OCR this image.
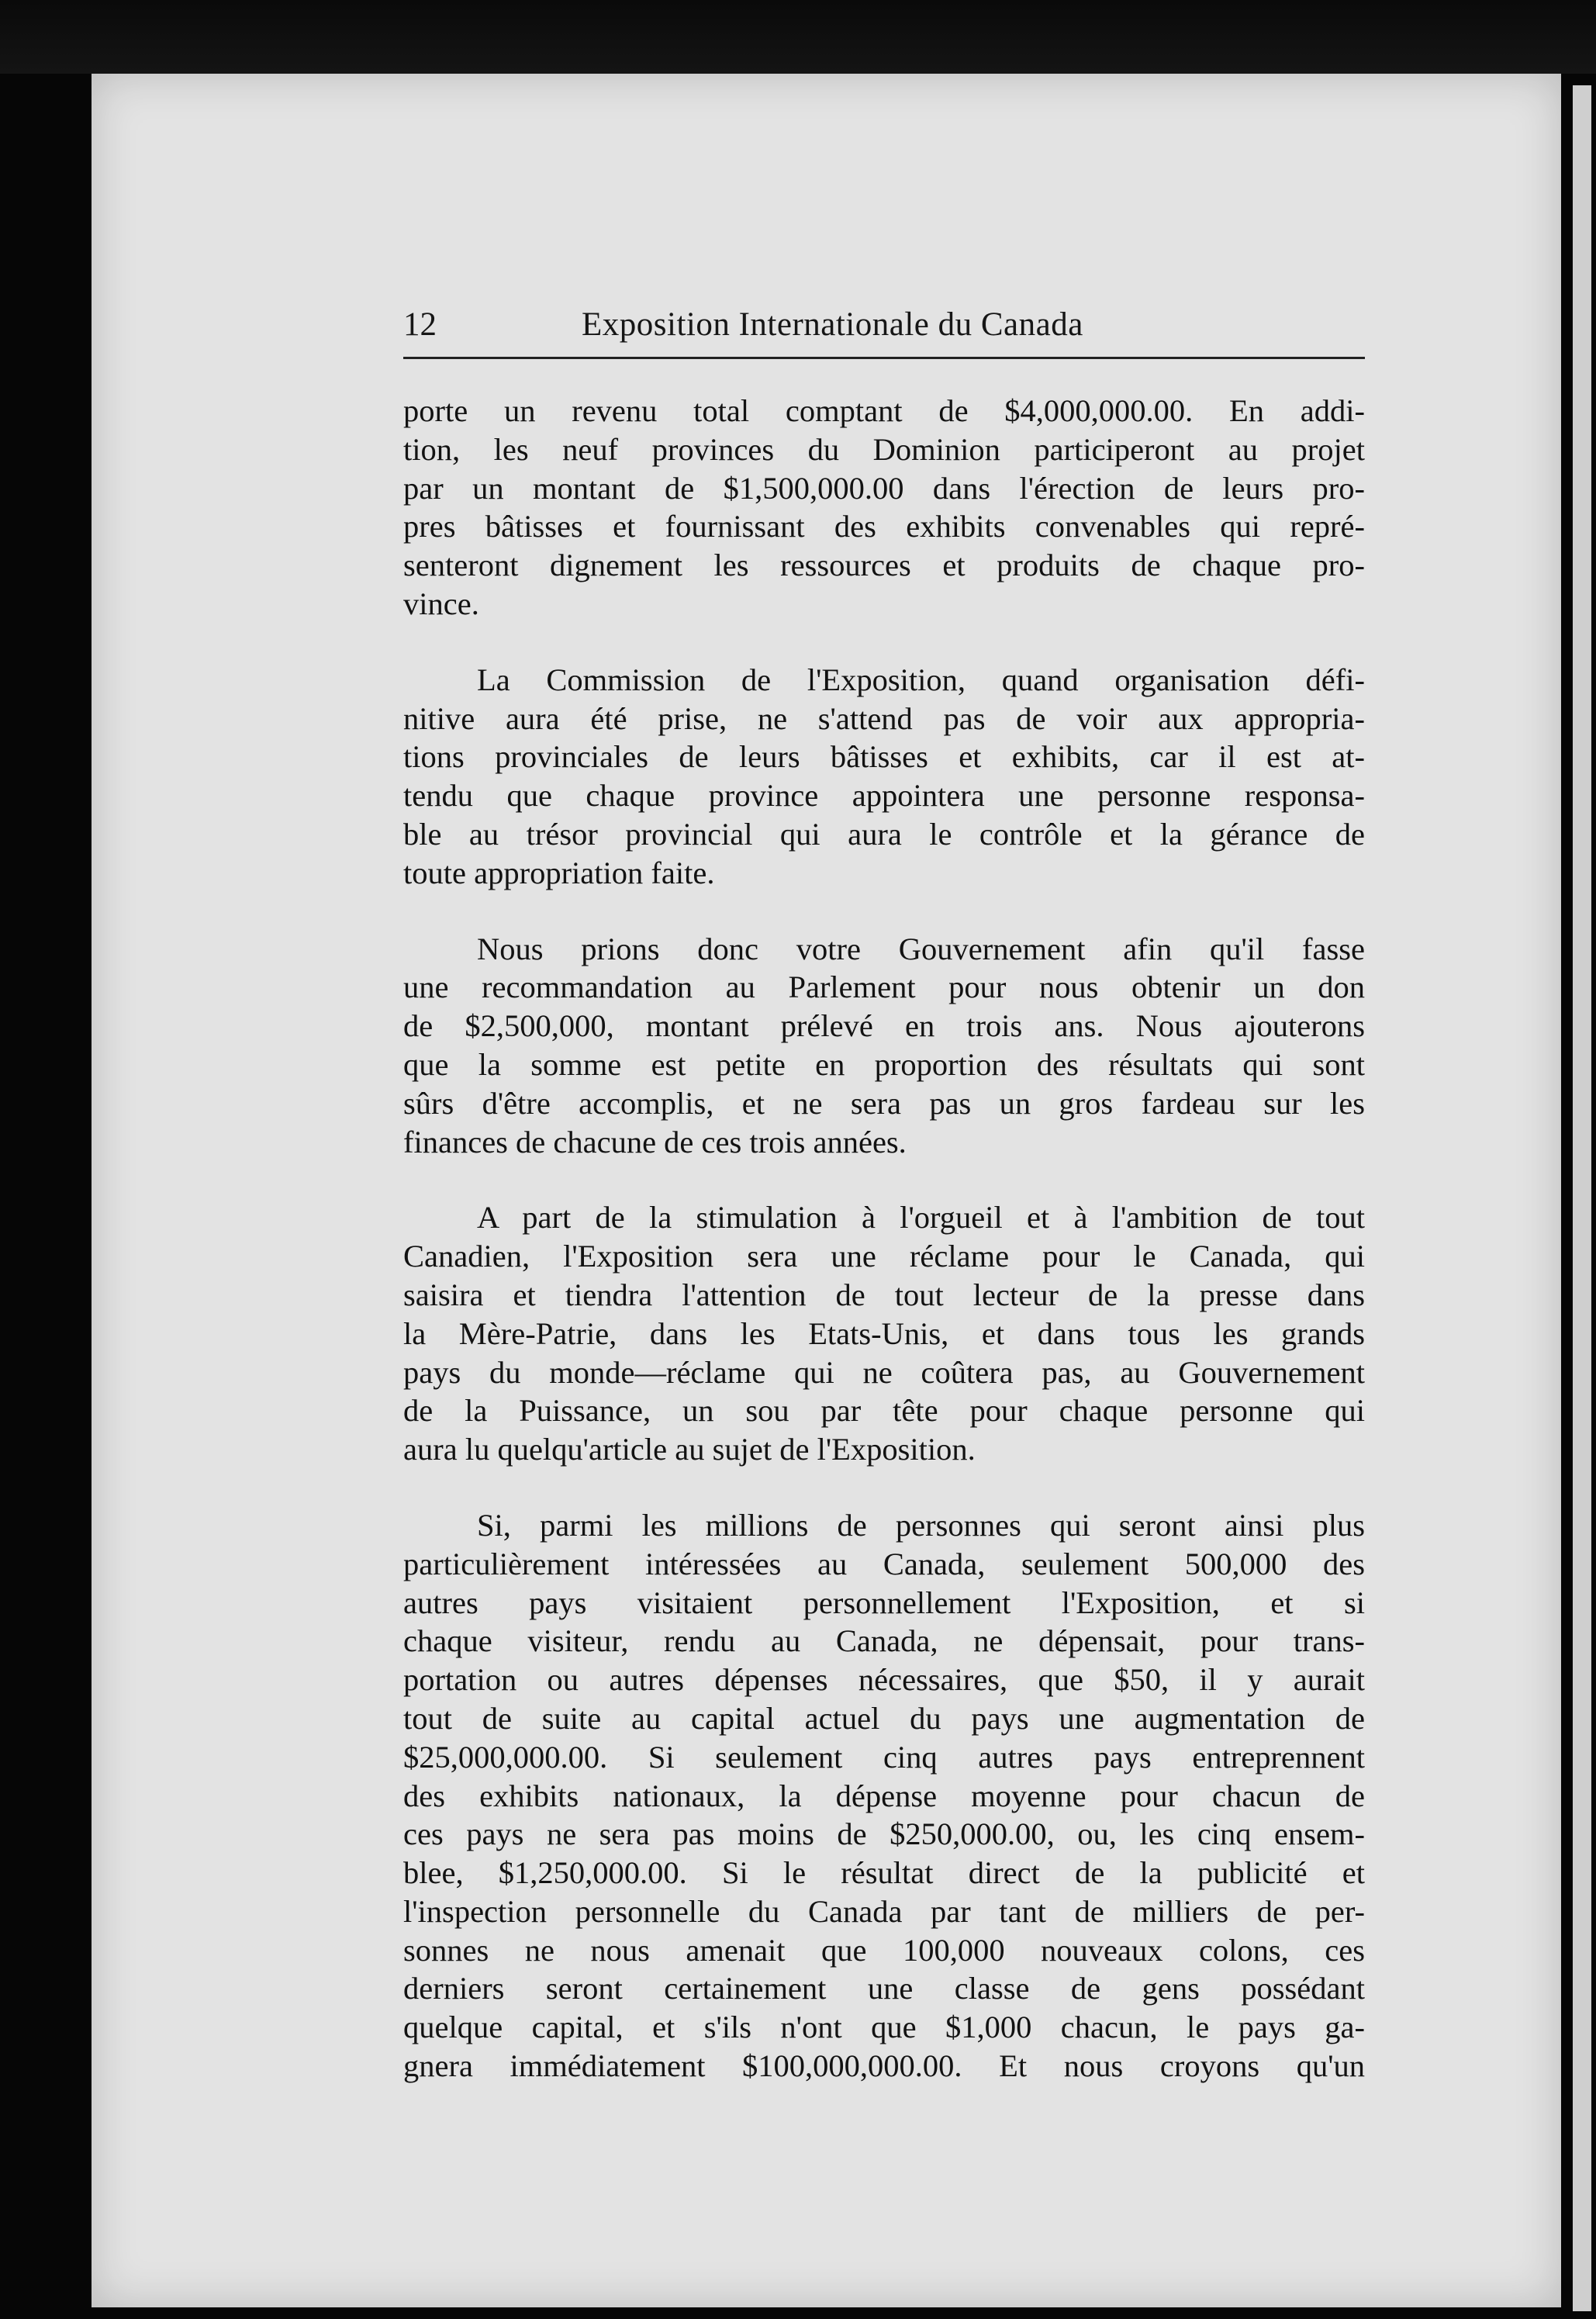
12	Exposition Internationale du Canada
porte un revenu total comptant de $4,000,000.00. En addi-
tion, les neuf provinces du Dominion participeront au projet
par un montant de $1,500,000.00 dans l'érection de leurs pro-
pres bâtisses et fournissant des exhibits convenables qui repré-
senteront dignement les ressources et produits de chaque pro-
vince.
La Commission de l'Exposition, quand organisation défi-
nitive aura été prise, ne s'attend pas de voir aux appropria-
tions provinciales de leurs bâtisses et exhibits, car il est at-
tendu que chaque province appointera une personne responsa-
ble au trésor provincial qui aura le contrôle et la gérance de
toute appropriation faite.
Nous prions donc votre Gouvernement afin qu'il fasse
une recommandation au Parlement pour nous obtenir un don
de $2,500,000, montant prélevé en trois ans. Nous ajouterons
que la somme est petite en proportion des résultats qui sont
sûrs d'être accomplis, et ne sera pas un gros fardeau sur les
finances de chacune de ces trois années.
A part de la stimulation à l'orgueil et à l'ambition de tout
Canadien, l'Exposition sera une réclame pour le Canada, qui
saisira et tiendra l'attention de tout lecteur de la presse dans
la Mère-Patrie, dans les Etats-Unis, et dans tous les grands
pays du monde—réclame qui ne coûtera pas, au Gouvernement
de la Puissance, un sou par tête pour chaque personne qui
aura lu quelqu'article au sujet de l'Exposition.
Si, parmi les millions de personnes qui seront ainsi plus
particulièrement intéressées au Canada, seulement 500,000 des
autres pays visitaient personnellement l'Exposition, et si
chaque visiteur, rendu au Canada, ne dépensait, pour trans-
portation ou autres dépenses nécessaires, que $50, il y aurait
tout de suite au capital actuel du pays une augmentation de
$25,000,000.00. Si seulement cinq autres pays entreprennent
des exhibits nationaux, la dépense moyenne pour chacun de
ces pays ne sera pas moins de $250,000.00, ou, les cinq ensem-
blee, $1,250,000.00. Si le résultat direct de la publicité et
l'inspection personnelle du Canada par tant de milliers de per-
sonnes ne nous amenait que 100,000 nouveaux colons, ces
derniers seront certainement une classe de gens possédant
quelque capital, et s'ils n'ont que $1,000 chacun, le pays ga-
gnera immédiatement $100,000,000.00. Et nous croyons qu'un
